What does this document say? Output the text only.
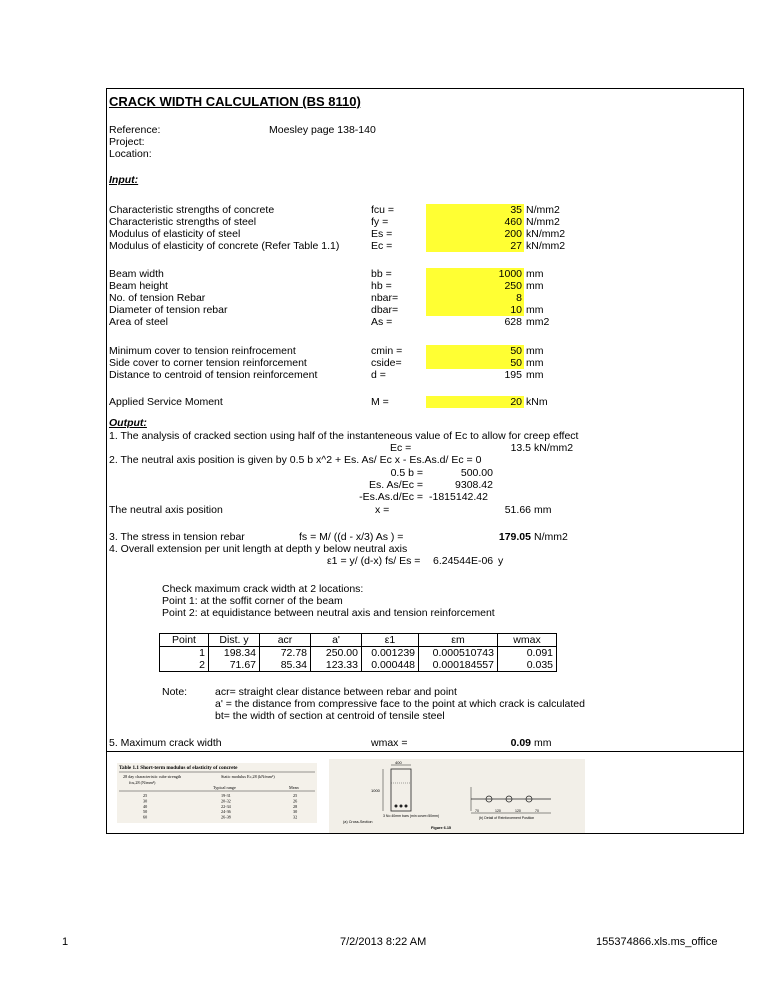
CRACK WIDTH CALCULATION (BS 8110)
Reference:	Moesley page 138-140
Project:
Location:
Input:
Characteristic strengths of concrete	fcu =	35 N/mm2
Characteristic strengths of steel	fy =	460 N/mm2
Modulus of elasticity of steel	Es =	200 kN/mm2
Modulus of elasticity of concrete (Refer Table 1.1)	Ec =	27 kN/mm2
Beam width	bb =	1000 mm
Beam height	hb =	250 mm
No. of tension Rebar	nbar=	8
Diameter of tension rebar	dbar=	10 mm
Area of steel	As =	628 mm2
Minimum cover to tension reinfrocement	cmin =	50 mm
Side cover to corner tension reinforcement	cside=	50 mm
Distance to centroid of tension reinforcement	d =	195 mm
Applied Service Moment	M =	20 kNm
Output:
1. The analysis of cracked section using half of the instanteneous value of Ec to allow for creep effect
Ec =	13.5 kN/mm2
2. The neutral axis position is given by 0.5 b x^2 + Es. As/ Ec x - Es.As.d/ Ec = 0
0.5 b =	500.00
Es. As/Ec =	9308.42
-Es.As.d/Ec = -1815142.42
The neutral axis position	x =	51.66 mm
3. The stress in tension rebar	fs = M/ ((d - x/3) As ) =	179.05 N/mm2
4. Overall extension per unit length at depth y below neutral axis
ε1 = y/ (d-x) fs/ Es = 6.24544E-06 y
Check maximum crack width at 2 locations:
Point 1: at the soffit corner of the beam
Point 2: at equidistance between neutral axis and tension reinforcement
Point	Dist. y	acr	a'	ε1	εm	wmax
1	198.34	72.78	250.00	0.001239	0.000510743	0.091
2	71.67	85.34	123.33	0.000448	0.000184557	0.035
Note:	acr= straight clear distance between rebar and point
a' = the distance from compressive face to the point at which crack is calculated
bt= the width of section at centroid of tensile steel
5. Maximum crack width	wmax =	0.09 mm
Table 1.1 Short-term modulus of elasticity of concrete
28 day characteristic cube strength
fcu,28 (N/mm²)
Static modulus Ec,28 (kN/mm²)
Typical range	Mean
25	19-31	25
30	20-32	26
40	22-34	28
50	24-36	30
60	26-38	32
400
1000
3 No 40mm bars (min cover=50mm)
(a) Cross-Section
70	120	120	70
(b) Detail of Reinforcement Position
Figure 6.15
1	7/2/2013 8:22 AM	155374866.xls.ms_office
